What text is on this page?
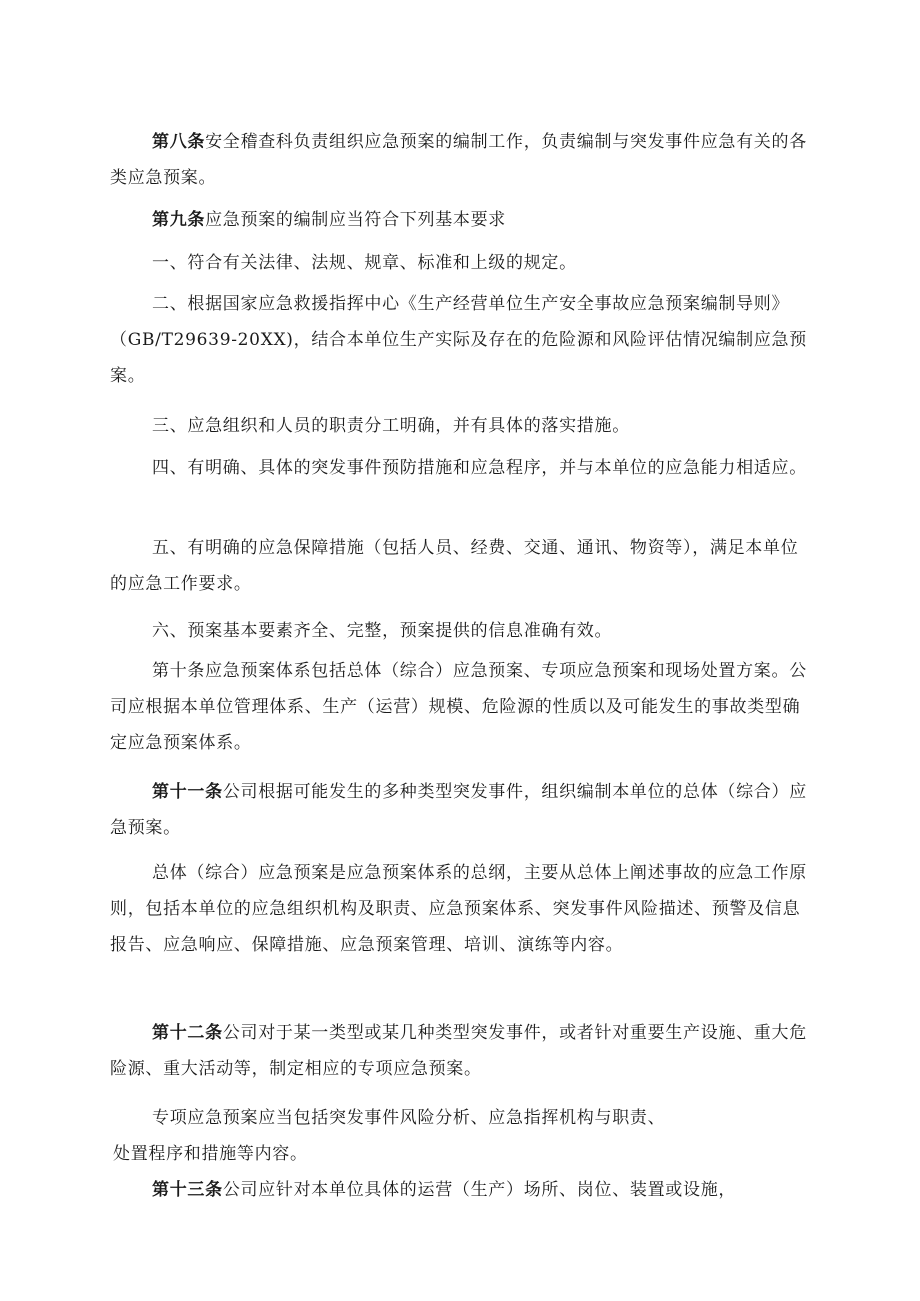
第八条安全稽查科负责组织应急预案的编制工作，负责编制与突发事件应急有关的各类应急预案。

第九条应急预案的编制应当符合下列基本要求

一、符合有关法律、法规、规章、标准和上级的规定。

二、根据国家应急救援指挥中心《生产经营单位生产安全事故应急预案编制导则》（GB/T29639-20XX)，结合本单位生产实际及存在的危险源和风险评估情况编制应急预案。

三、应急组织和人员的职责分工明确，并有具体的落实措施。

四、有明确、具体的突发事件预防措施和应急程序，并与本单位的应急能力相适应。

五、有明确的应急保障措施（包括人员、经费、交通、通讯、物资等），满足本单位的应急工作要求。

六、预案基本要素齐全、完整，预案提供的信息准确有效。

第十条应急预案体系包括总体（综合）应急预案、专项应急预案和现场处置方案。公司应根据本单位管理体系、生产（运营）规模、危险源的性质以及可能发生的事故类型确定应急预案体系。

第十一条公司根据可能发生的多种类型突发事件，组织编制本单位的总体（综合）应急预案。

总体（综合）应急预案是应急预案体系的总纲，主要从总体上阐述事故的应急工作原则，包括本单位的应急组织机构及职责、应急预案体系、突发事件风险描述、预警及信息报告、应急响应、保障措施、应急预案管理、培训、演练等内容。

第十二条公司对于某一类型或某几种类型突发事件，或者针对重要生产设施、重大危险源、重大活动等，制定相应的专项应急预案。

专项应急预案应当包括突发事件风险分析、应急指挥机构与职责、
处置程序和措施等内容。

第十三条公司应针对本单位具体的运营（生产）场所、岗位、装置或设施，
